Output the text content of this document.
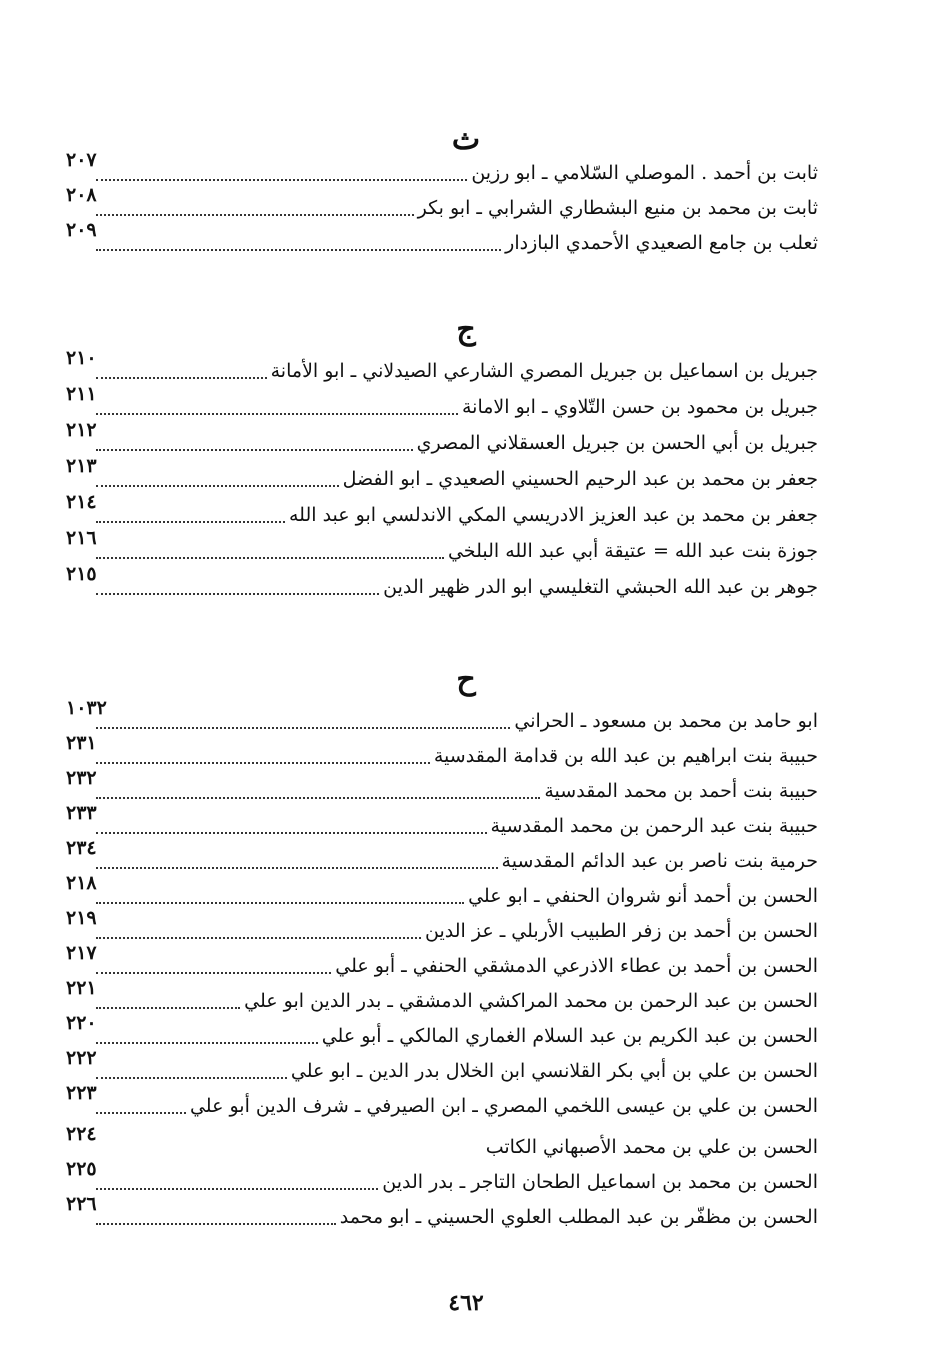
ث
ثابت بن أحمد . الموصلي السّلامي ـ ابو رزين
٢٠٧
ثابت بن محمد بن منيع البشطاري الشرابي ـ ابو بكر
٢٠٨
ثعلب بن جامع الصعيدي الأحمدي البازدار
٢٠٩
ج
جبريل بن اسماعيل بن جبريل المصري الشارعي الصيدلاني ـ ابو الأمانة
٢١٠
جبريل بن محمود بن حسن التّلاوي ـ ابو الامانة
٢١١
جبريل بن أبي الحسن بن جبريل العسقلاني المصري
٢١٢
جعفر بن محمد بن عبد الرحيم الحسيني الصعيدي ـ ابو الفضل
٢١٣
جعفر بن محمد بن عبد العزيز الادريسي المكي الاندلسي ابو عبد الله
٢١٤
جوزة بنت عبد الله = عتيقة أبي عبد الله البلخي
٢١٦
جوهر بن عبد الله الحبشي التغليسي ابو الدر ظهير الدين
٢١٥
ح
ابو حامد بن محمد بن مسعود ـ الحراني
١٠٣٢
حبيبة بنت ابراهيم بن عبد الله بن قدامة المقدسية
٢٣١
حبيبة بنت أحمد بن محمد المقدسية
٢٣٢
حبيبة بنت عبد الرحمن بن محمد المقدسية
٢٣٣
حرمية بنت ناصر بن عبد الدائم المقدسية
٢٣٤
الحسن بن أحمد أنو شروان الحنفي ـ ابو علي
٢١٨
الحسن بن أحمد بن زفر الطبيب الأربلي ـ عز الدين
٢١٩
الحسن بن أحمد بن عطاء الاذرعي الدمشقي الحنفي ـ أبو علي
٢١٧
الحسن بن عبد الرحمن بن محمد المراكشي الدمشقي ـ بدر الدين ابو علي
٢٢١
الحسن بن عبد الكريم بن عبد السلام الغماري المالكي ـ أبو علي
٢٢٠
الحسن بن علي بن أبي بكر القلانسي ابن الخلال بدر الدين ـ ابو علي
٢٢٢
الحسن بن علي بن عيسى اللخمي المصري ـ ابن الصيرفي ـ شرف الدين أبو علي
٢٢٣
الحسن بن علي بن محمد الأصبهاني الكاتب
٢٢٤
الحسن بن محمد بن اسماعيل الطحان التاجر ـ بدر الدين
٢٢٥
الحسن بن مظفّر بن عبد المطلب العلوي الحسيني ـ ابو محمد
٢٢٦
٤٦٢
